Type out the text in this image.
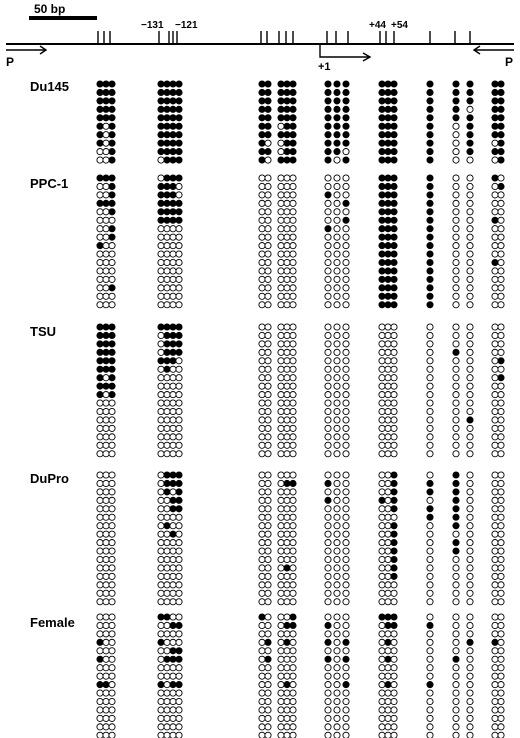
50 bp
−131 −121	+44 +54
+1
P	P
Du145
PPC-1
TSU
DuPro
Female
